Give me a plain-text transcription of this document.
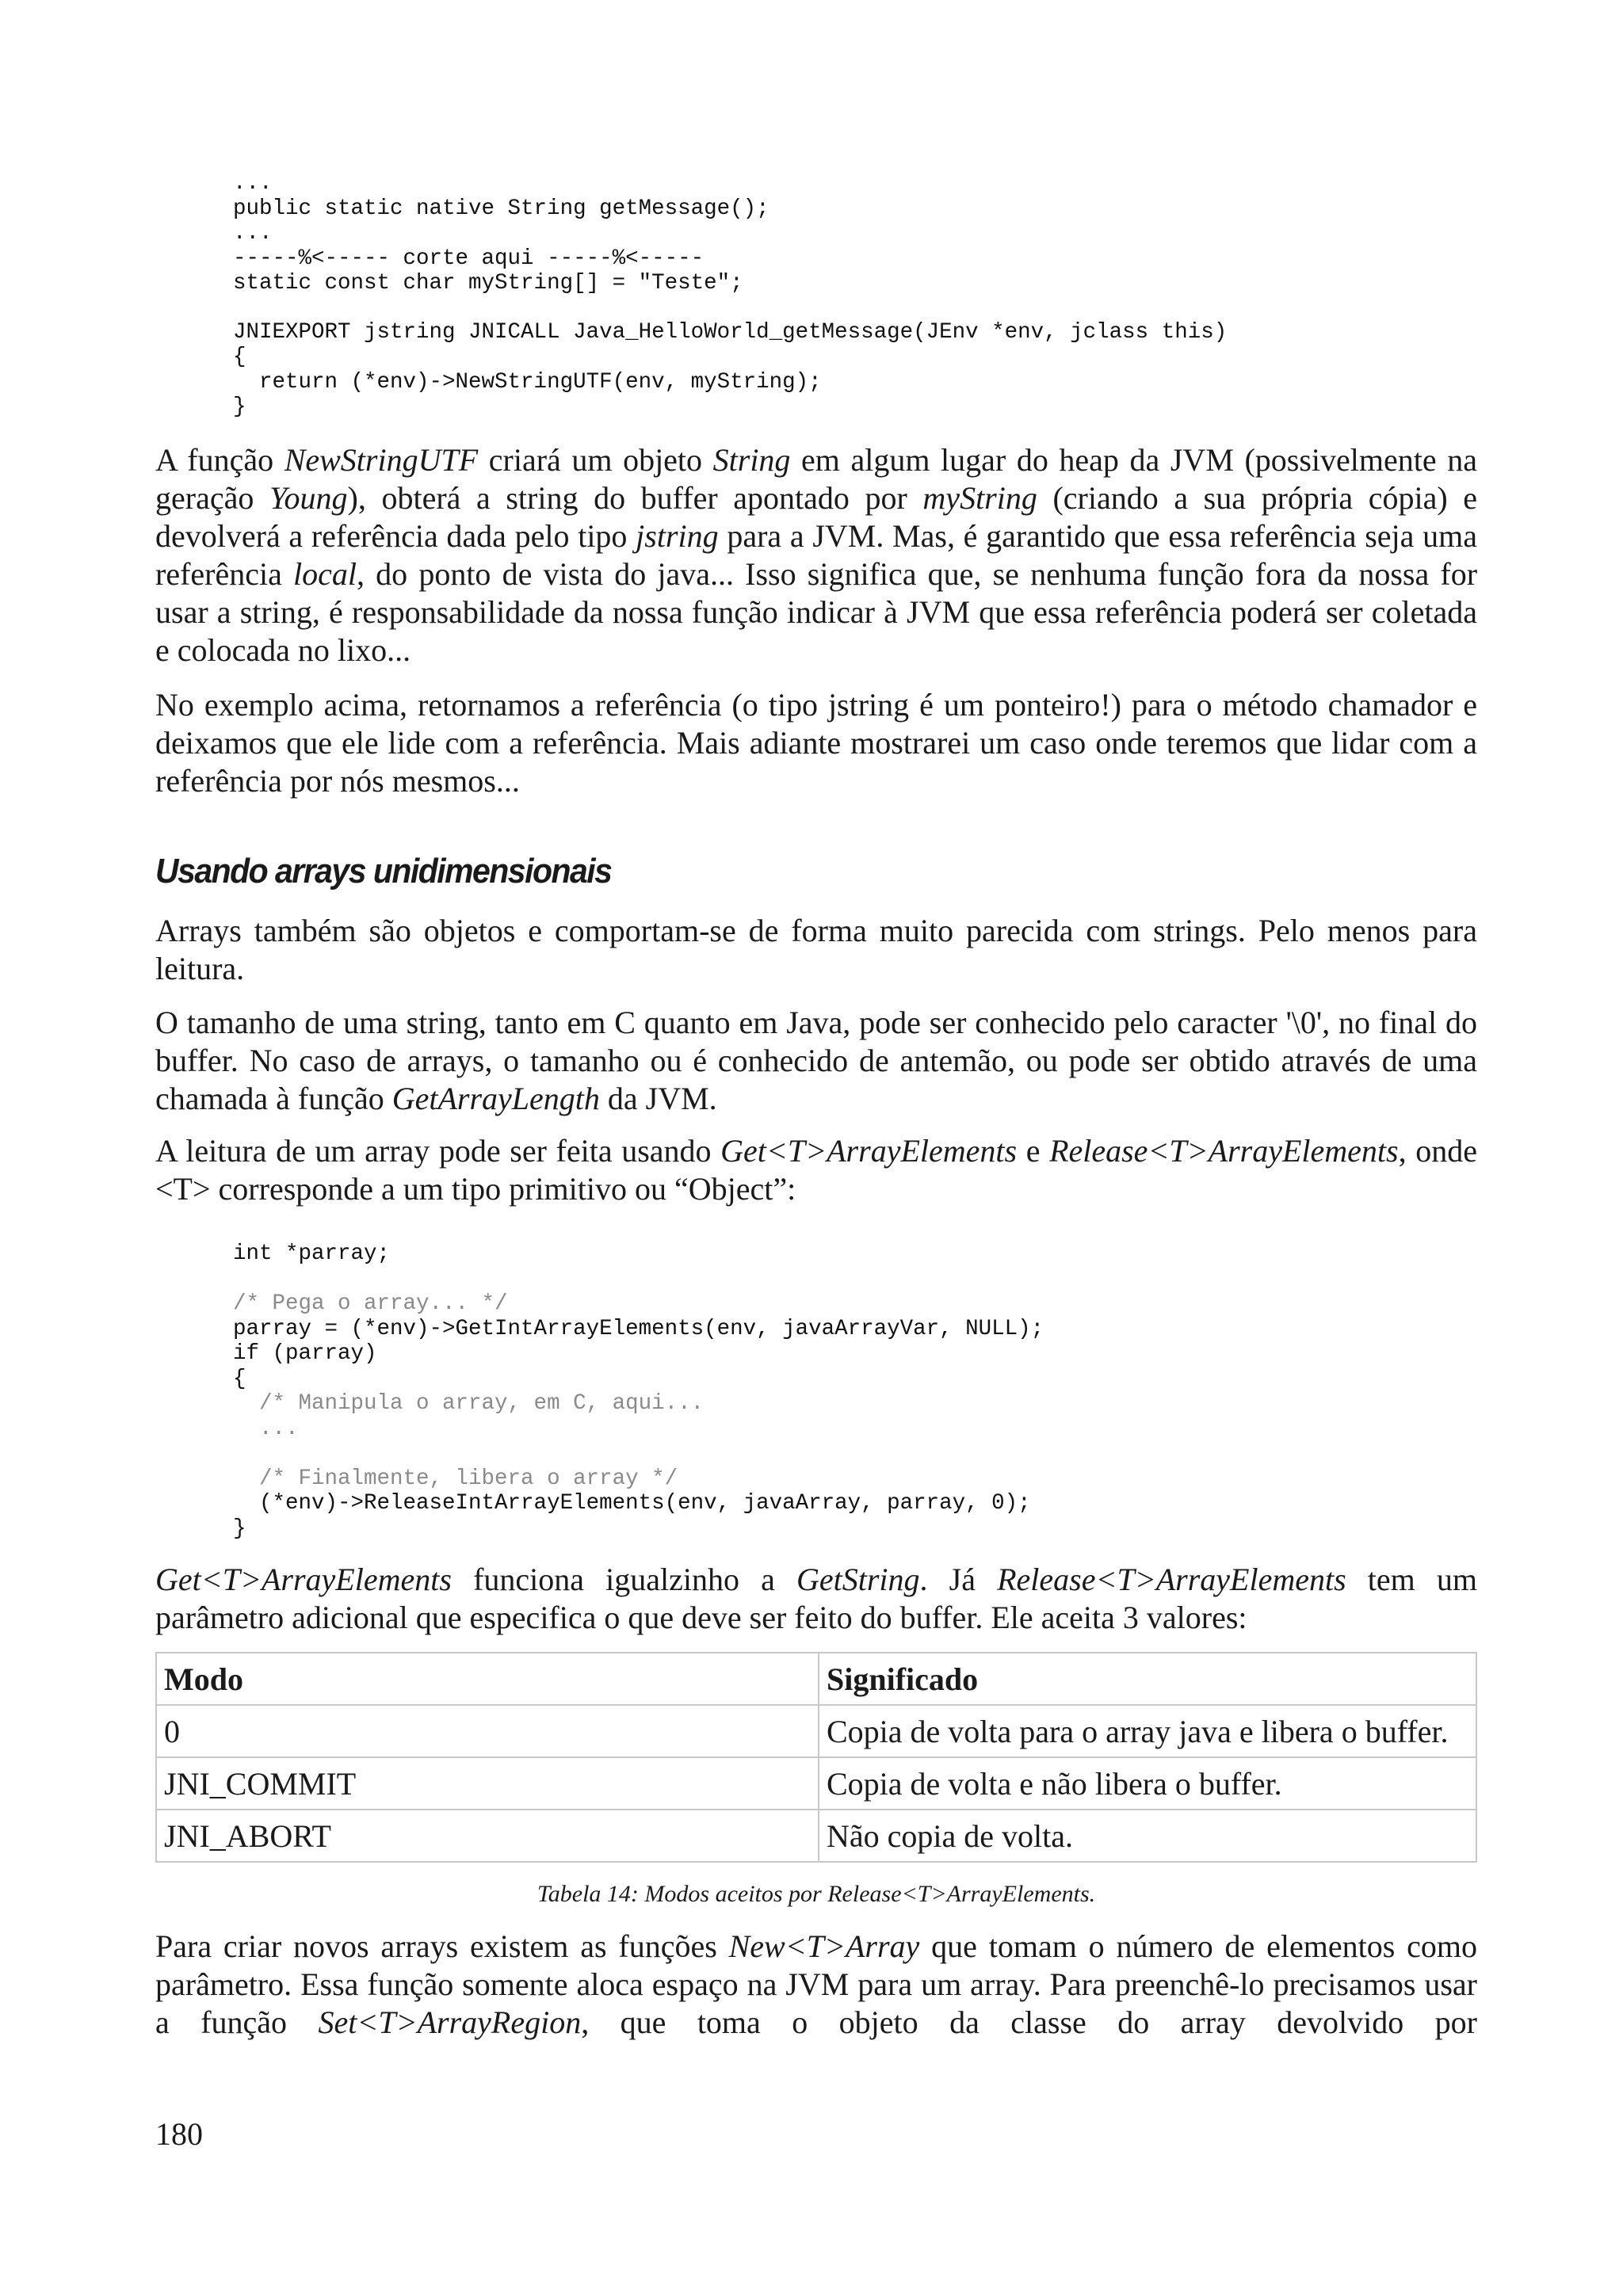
...
public static native String getMessage();
...
-----%<----- corte aqui -----%<-----
static const char myString[] = "Teste";
JNIEXPORT jstring JNICALL Java_HelloWorld_getMessage(JEnv *env, jclass this)
{
return (*env)->NewStringUTF(env, myString);
}

A função NewStringUTF criará um objeto String em algum lugar do heap da JVM (possivelmente na geração Young), obterá a string do buffer apontado por myString (criando a sua própria cópia) e devolverá a referência dada pelo tipo jstring para a JVM. Mas, é garantido que essa referência seja uma referência local, do ponto de vista do java... Isso significa que, se nenhuma função fora da nossa for usar a string, é responsabilidade da nossa função indicar à JVM que essa referência poderá ser coletada e colocada no lixo...

No exemplo acima, retornamos a referência (o tipo jstring é um ponteiro!) para o método chamador e deixamos que ele lide com a referência. Mais adiante mostrarei um caso onde teremos que lidar com a referência por nós mesmos...

Usando arrays unidimensionais

Arrays também são objetos e comportam-se de forma muito parecida com strings. Pelo menos para leitura.

O tamanho de uma string, tanto em C quanto em Java, pode ser conhecido pelo caracter '\0', no final do buffer. No caso de arrays, o tamanho ou é conhecido de antemão, ou pode ser obtido através de uma chamada à função GetArrayLength da JVM.

A leitura de um array pode ser feita usando Get<T>ArrayElements e Release<T>ArrayElements, onde <T> corresponde a um tipo primitivo ou “Object”:

int *parray;
/* Pega o array... */
parray = (*env)->GetIntArrayElements(env, javaArrayVar, NULL);
if (parray)
{
/* Manipula o array, em C, aqui...
...
/* Finalmente, libera o array */
(*env)->ReleaseIntArrayElements(env, javaArray, parray, 0);
}

Get<T>ArrayElements funciona igualzinho a GetString. Já Release<T>ArrayElements tem um parâmetro adicional que especifica o que deve ser feito do buffer. Ele aceita 3 valores:

Modo	Significado
0	Copia de volta para o array java e libera o buffer.
JNI_COMMIT	Copia de volta e não libera o buffer.
JNI_ABORT	Não copia de volta.
Tabela 14: Modos aceitos por Release<T>ArrayElements.

Para criar novos arrays existem as funções New<T>Array que tomam o número de elementos como parâmetro. Essa função somente aloca espaço na JVM para um array. Para preenchê-lo precisamos usar a função Set<T>ArrayRegion, que toma o objeto da classe do array devolvido por

180
